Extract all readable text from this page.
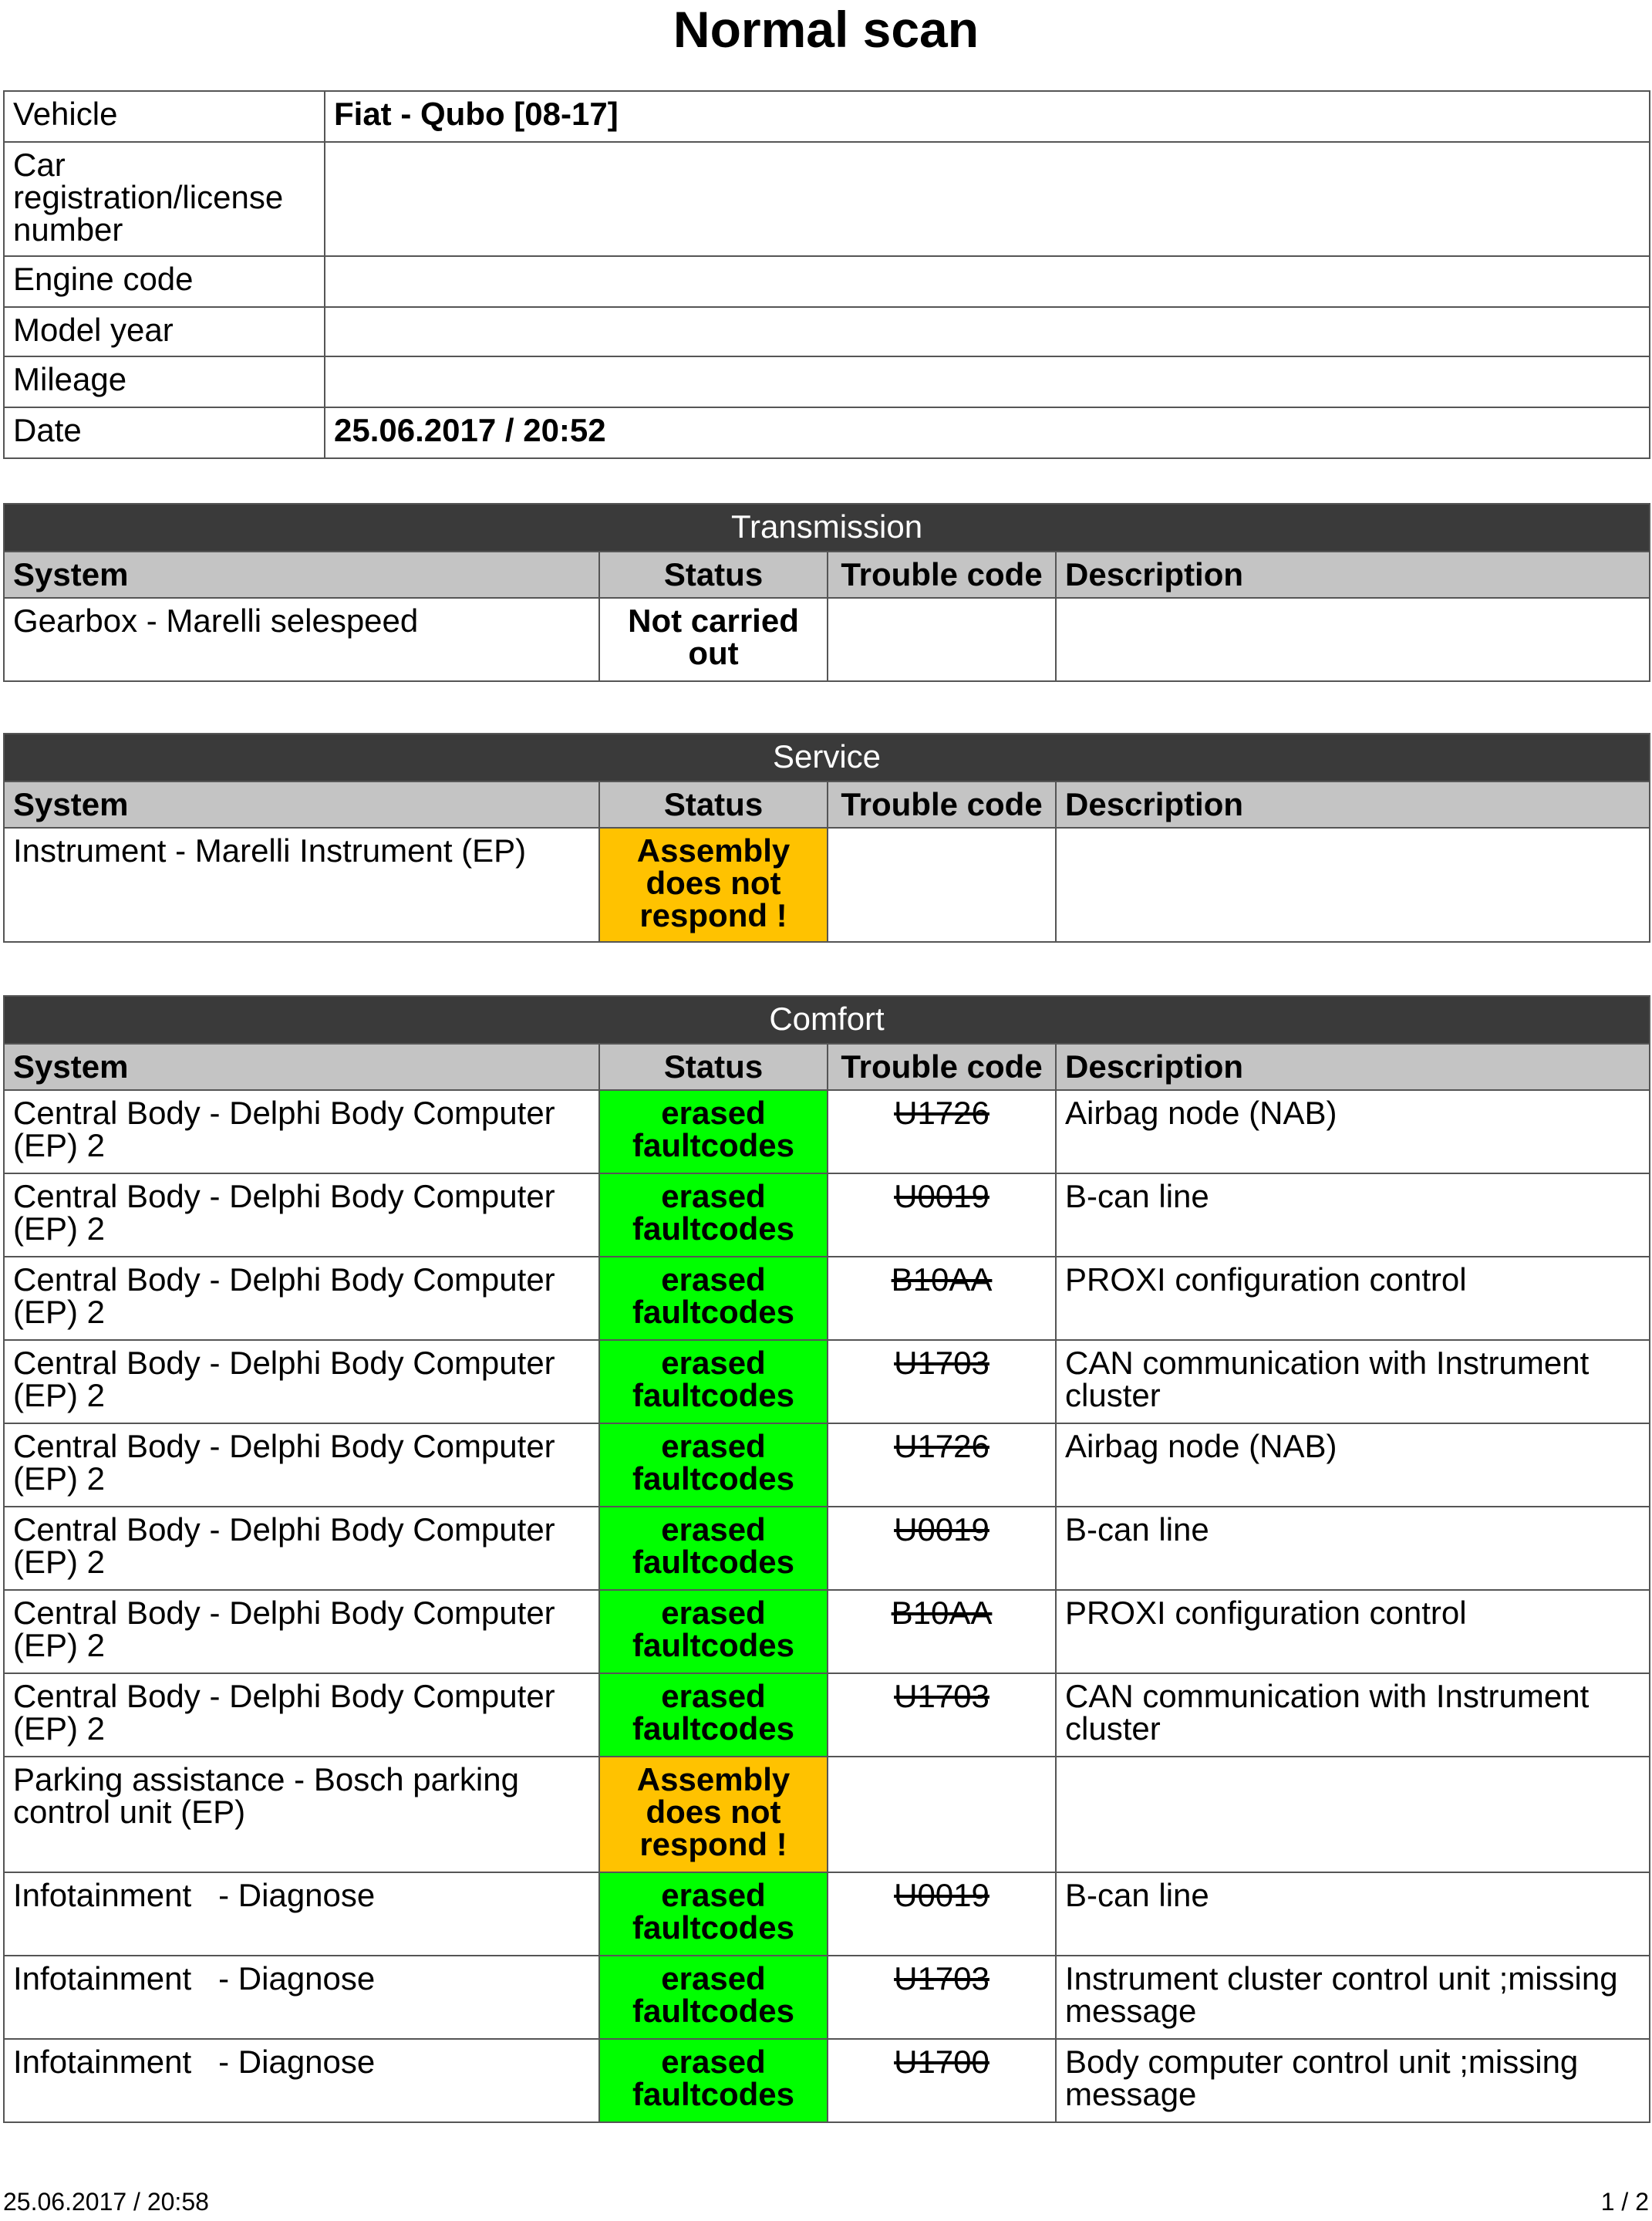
Normal scan
Vehicle	Fiat - Qubo [08-17]
Car registration/license number	
Engine code	
Model year	
Mileage	
Date	25.06.2017 / 20:52
Transmission			
System	Status	Trouble code	Description
Gearbox - Marelli selespeed	Not carried out		
Service			
System	Status	Trouble code	Description
Instrument - Marelli Instrument (EP)	Assembly does not respond !		
Comfort			
System	Status	Trouble code	Description
Central Body - Delphi Body Computer (EP) 2	erased faultcodes	U1726	Airbag node (NAB)
Central Body - Delphi Body Computer (EP) 2	erased faultcodes	U0019	B-can line
Central Body - Delphi Body Computer (EP) 2	erased faultcodes	B10AA	PROXI configuration control
Central Body - Delphi Body Computer (EP) 2	erased faultcodes	U1703	CAN communication with Instrument cluster
Central Body - Delphi Body Computer (EP) 2	erased faultcodes	U1726	Airbag node (NAB)
Central Body - Delphi Body Computer (EP) 2	erased faultcodes	U0019	B-can line
Central Body - Delphi Body Computer (EP) 2	erased faultcodes	B10AA	PROXI configuration control
Central Body - Delphi Body Computer (EP) 2	erased faultcodes	U1703	CAN communication with Instrument cluster
Parking assistance - Bosch parking control unit (EP)	Assembly does not respond !		
Infotainment   - Diagnose	erased faultcodes	U0019	B-can line
Infotainment   - Diagnose	erased faultcodes	U1703	Instrument cluster control unit ;missing message
Infotainment   - Diagnose	erased faultcodes	U1700	Body computer control unit ;missing message
25.06.2017 / 20:58	1 / 2
